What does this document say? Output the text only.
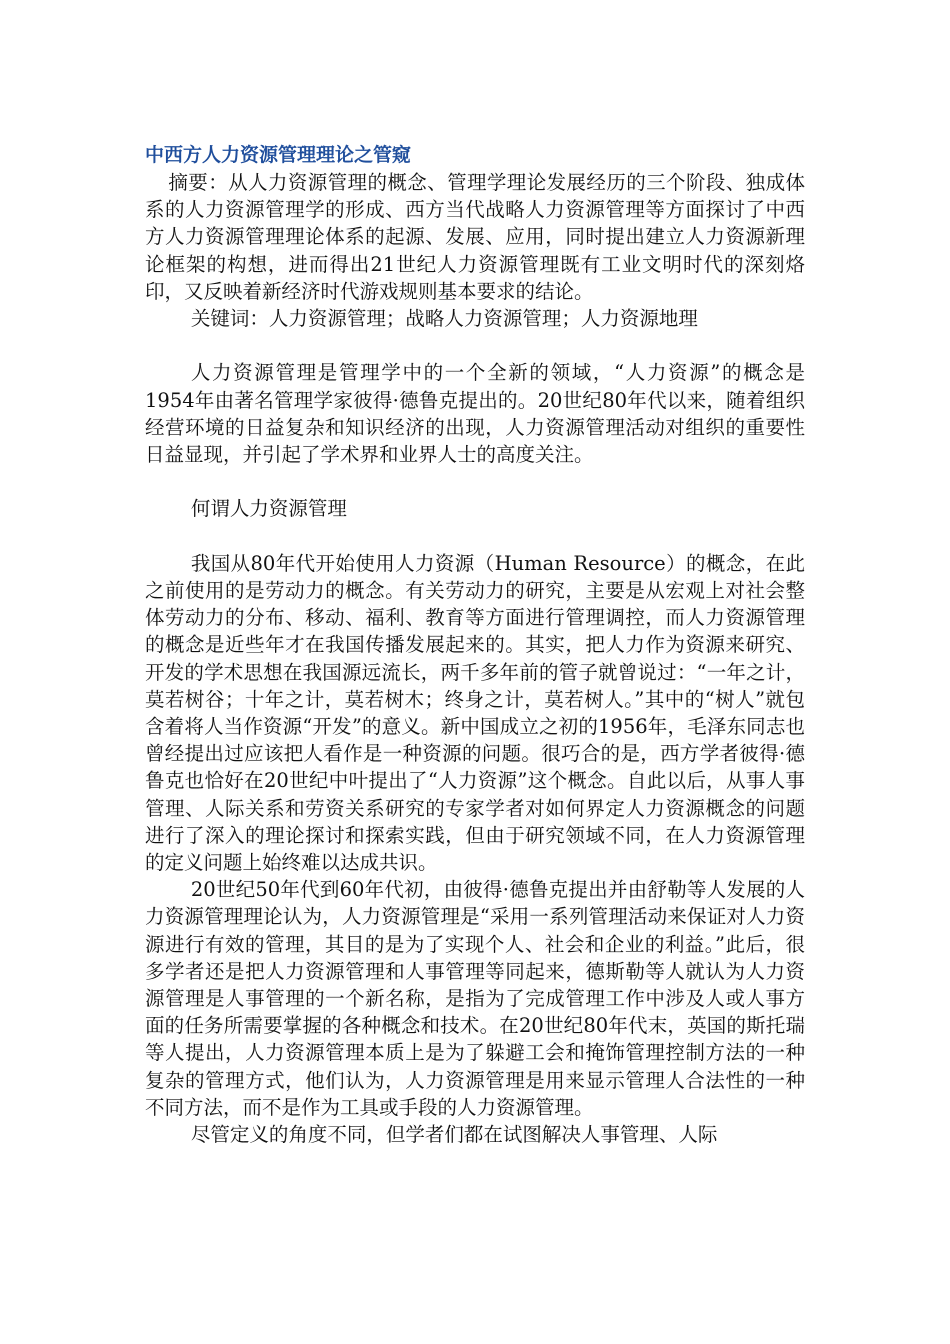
中西方人力资源管理理论之管窥

摘要：从人力资源管理的概念、管理学理论发展经历的三个阶段、独成体系的人力资源管理学的形成、西方当代战略人力资源管理等方面探讨了中西方人力资源管理理论体系的起源、发展、应用，同时提出建立人力资源新理论框架的构想，进而得出21世纪人力资源管理既有工业文明时代的深刻烙印，又反映着新经济时代游戏规则基本要求的结论。

关键词：人力资源管理；战略人力资源管理；人力资源地理

人力资源管理是管理学中的一个全新的领域，“人力资源”的概念是1954年由著名管理学家彼得·德鲁克提出的。20世纪80年代以来，随着组织经营环境的日益复杂和知识经济的出现，人力资源管理活动对组织的重要性日益显现，并引起了学术界和业界人士的高度关注。

何谓人力资源管理

我国从80年代开始使用人力资源（Human Resource）的概念，在此之前使用的是劳动力的概念。有关劳动力的研究，主要是从宏观上对社会整体劳动力的分布、移动、福利、教育等方面进行管理调控，而人力资源管理的概念是近些年才在我国传播发展起来的。其实，把人力作为资源来研究、开发的学术思想在我国源远流长，两千多年前的管子就曾说过：“一年之计，莫若树谷；十年之计，莫若树木；终身之计，莫若树人。”其中的“树人”就包含着将人当作资源“开发”的意义。新中国成立之初的1956年，毛泽东同志也曾经提出过应该把人看作是一种资源的问题。很巧合的是，西方学者彼得·德鲁克也恰好在20世纪中叶提出了“人力资源”这个概念。自此以后，从事人事管理、人际关系和劳资关系研究的专家学者对如何界定人力资源概念的问题进行了深入的理论探讨和探索实践，但由于研究领域不同，在人力资源管理的定义问题上始终难以达成共识。

20世纪50年代到60年代初，由彼得·德鲁克提出并由舒勒等人发展的人力资源管理理论认为，人力资源管理是“采用一系列管理活动来保证对人力资源进行有效的管理，其目的是为了实现个人、社会和企业的利益。”此后，很多学者还是把人力资源管理和人事管理等同起来，德斯勒等人就认为人力资源管理是人事管理的一个新名称，是指为了完成管理工作中涉及人或人事方面的任务所需要掌握的各种概念和技术。在20世纪80年代末，英国的斯托瑞等人提出，人力资源管理本质上是为了躲避工会和掩饰管理控制方法的一种复杂的管理方式，他们认为，人力资源管理是用来显示管理人合法性的一种不同方法，而不是作为工具或手段的人力资源管理。

尽管定义的角度不同，但学者们都在试图解决人事管理、人际
